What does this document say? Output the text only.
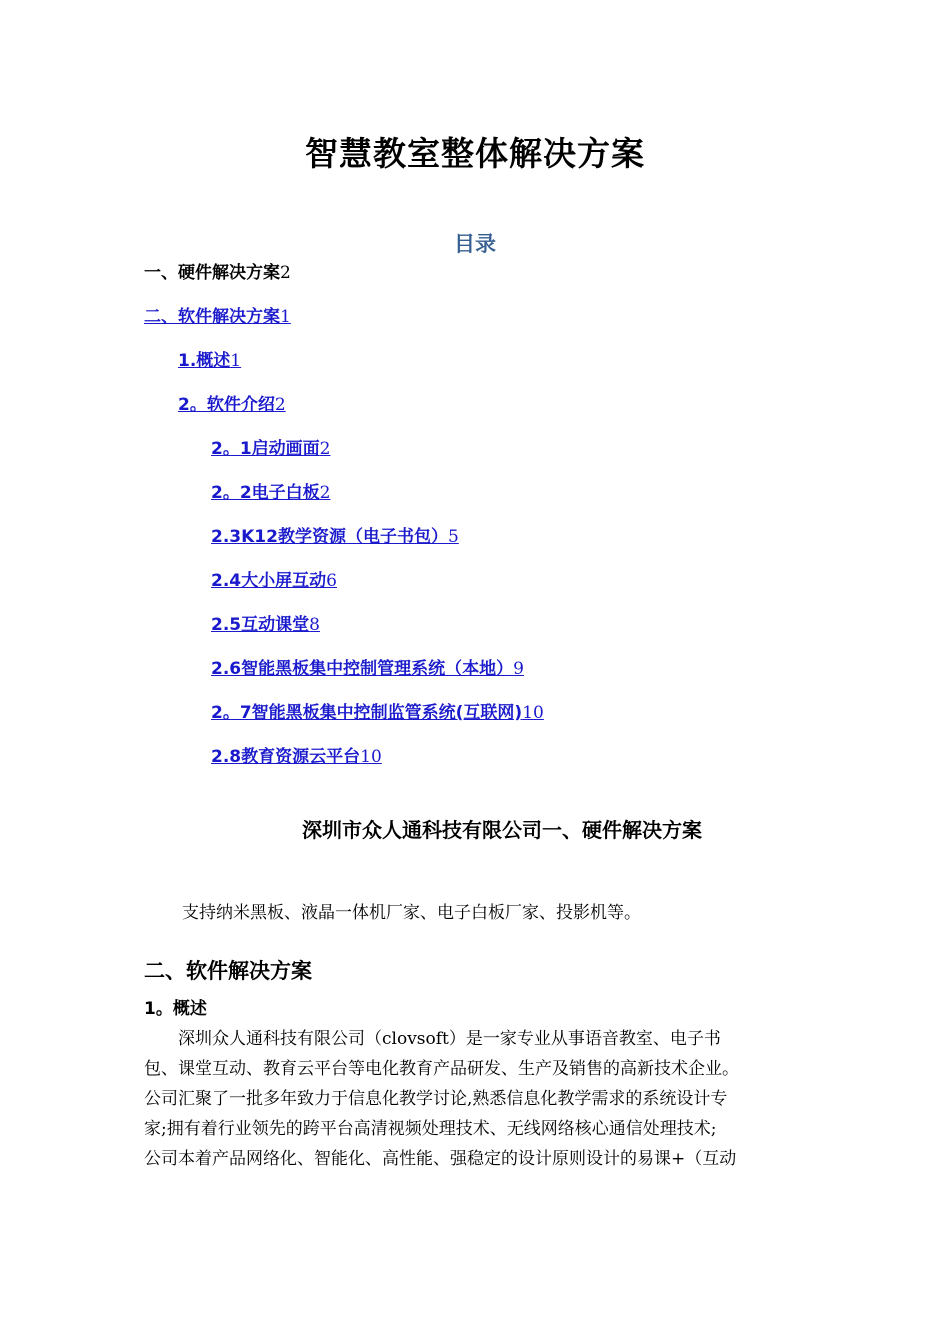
智慧教室整体解决方案
目录
一、硬件解决方案2
二、软件解决方案1
1.概述1
2。软件介绍2
2。1启动画面2
2。2电子白板2
2.3K12教学资源（电子书包）5
2.4大小屏互动6
2.5互动课堂8
2.6智能黑板集中控制管理系统（本地）9
2。7智能黑板集中控制监管系统(互联网)10
2.8教育资源云平台10
深圳市众人通科技有限公司一、硬件解决方案
支持纳米黑板、液晶一体机厂家、电子白板厂家、投影机等。
二、软件解决方案
1。概述
深圳众人通科技有限公司（clovsoft）是一家专业从事语音教室、电子书
包、课堂互动、教育云平台等电化教育产品研发、生产及销售的高新技术企业。
公司汇聚了一批多年致力于信息化教学讨论,熟悉信息化教学需求的系统设计专
家;拥有着行业领先的跨平台高清视频处理技术、无线网络核心通信处理技术;
公司本着产品网络化、智能化、高性能、强稳定的设计原则设计的易课+（互动
